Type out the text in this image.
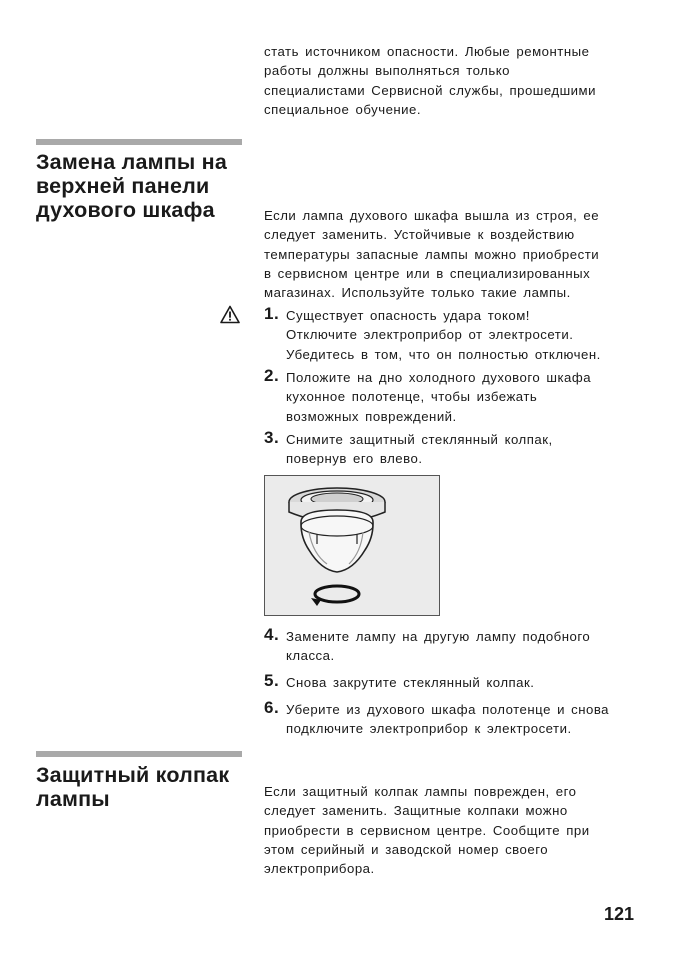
стать источником опасности. Любые ремонтные
работы должны выполняться только
специалистами Сервисной службы, прошедшими
специальное обучение.
Замена лампы на
верхней панели
духового шкафа	Если лампа духового шкафа вышла из строя, ее
следует заменить. Устойчивые к воздействию
температуры запасные лампы можно приобрести
в сервисном центре или в специализированных
магазинах. Используйте только такие лампы.
1. Существует опасность удара током!
Отключите электроприбор от электросети.
Убедитесь в том, что он полностью отключен.
2. Положите на дно холодного духового шкафа
кухонное полотенце, чтобы избежать
возможных повреждений.
3. Снимите защитный стеклянный колпак,
повернув его влево.
4. Замените лампу на другую лампу подобного
класса.
5. Снова закрутите стеклянный колпак.
6. Уберите из духового шкафа полотенце и снова
подключите электроприбор к электросети.
Защитный колпак
лампы	Если защитный колпак лампы поврежден, его
следует заменить. Защитные колпаки можно
приобрести в сервисном центре. Сообщите при
этом серийный и заводской номер своего
электроприбора.
121
